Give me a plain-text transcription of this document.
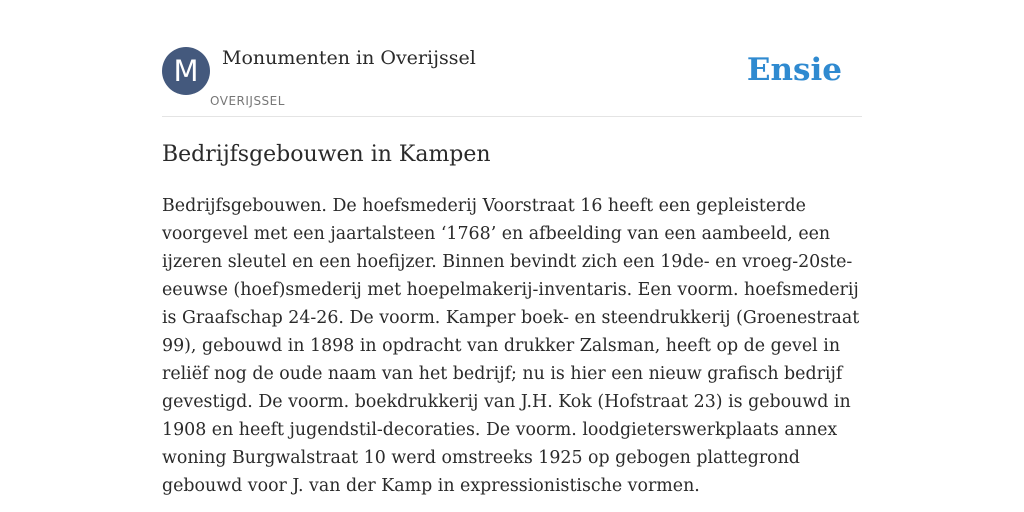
M	Monumenten in Overijssel
OVERIJSSEL
Ensie
Bedrijfsgebouwen in Kampen

Bedrijfsgebouwen. De hoefsmederij Voorstraat 16 heeft een gepleisterde voorgevel met een jaartalsteen ‘1768’ en afbeelding van een aambeeld, een ijzeren sleutel en een hoefijzer. Binnen bevindt zich een 19de- en vroeg-20ste-eeuwse (hoef)smederij met hoepelmakerij-inventaris. Een voorm. hoefsmederij is Graafschap 24-26. De voorm. Kamper boek- en steendrukkerij (Groenestraat 99), gebouwd in 1898 in opdracht van drukker Zalsman, heeft op de gevel in reliëf nog de oude naam van het bedrijf; nu is hier een nieuw grafisch bedrijf gevestigd. De voorm. boekdrukkerij van J.H. Kok (Hofstraat 23) is gebouwd in 1908 en heeft jugendstil-decoraties. De voorm. loodgieterswerkplaats annex woning Burgwalstraat 10 werd omstreeks 1925 op gebogen plattegrond gebouwd voor J. van der Kamp in expressionistische vormen.
